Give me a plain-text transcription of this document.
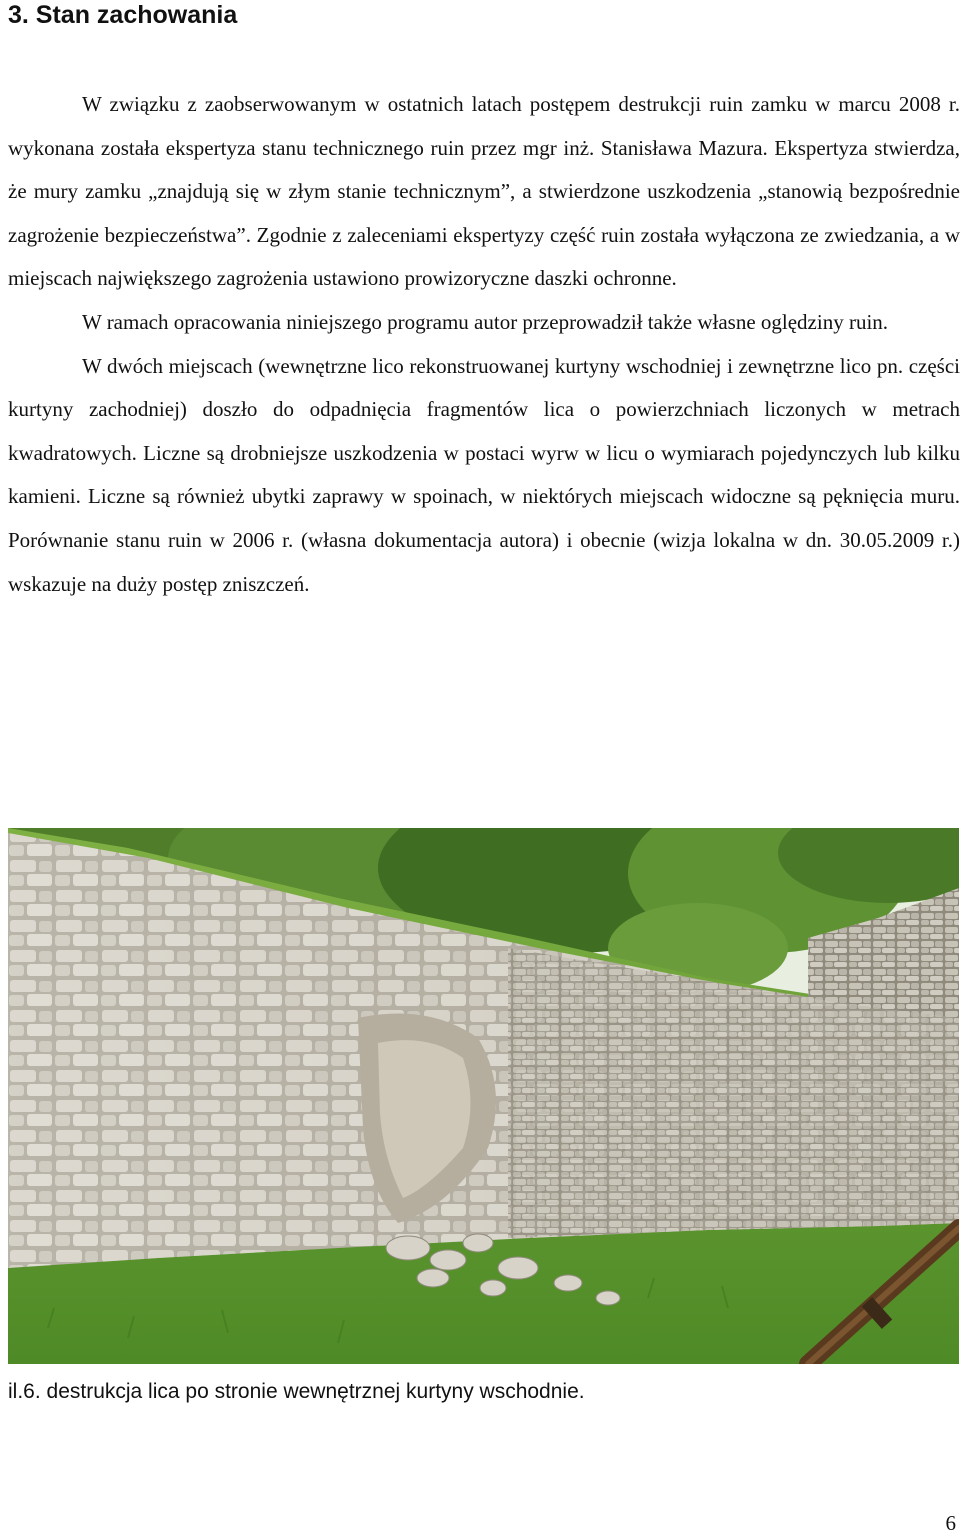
3. Stan zachowania

W związku z zaobserwowanym w ostatnich latach postępem destrukcji ruin zamku w marcu 2008 r. wykonana została ekspertyza stanu technicznego ruin przez mgr inż. Stanisława Mazura. Ekspertyza stwierdza, że mury zamku „znajdują się w złym stanie technicznym”, a stwierdzone uszkodzenia „stanowią bezpośrednie zagrożenie bezpieczeństwa”. Zgodnie z zaleceniami ekspertyzy część ruin została wyłączona ze zwiedzania, a w miejscach największego zagrożenia ustawiono prowizoryczne daszki ochronne.

W ramach opracowania niniejszego programu autor przeprowadził także własne oględziny ruin.

W dwóch miejscach (wewnętrzne lico rekonstruowanej kurtyny wschodniej i zewnętrzne lico pn. części kurtyny zachodniej) doszło do odpadnięcia fragmentów lica o powierzchniach liczonych w metrach kwadratowych. Liczne są drobniejsze uszkodzenia w postaci wyrw w licu o wymiarach pojedynczych lub kilku kamieni. Liczne są również ubytki zaprawy w spoinach, w niektórych miejscach widoczne są pęknięcia muru. Porównanie stanu ruin w 2006 r. (własna dokumentacja autora) i obecnie (wizja lokalna w dn. 30.05.2009 r.) wskazuje na duży postęp zniszczeń.

il.6. destrukcja lica po stronie wewnętrznej kurtyny wschodnie.
6
